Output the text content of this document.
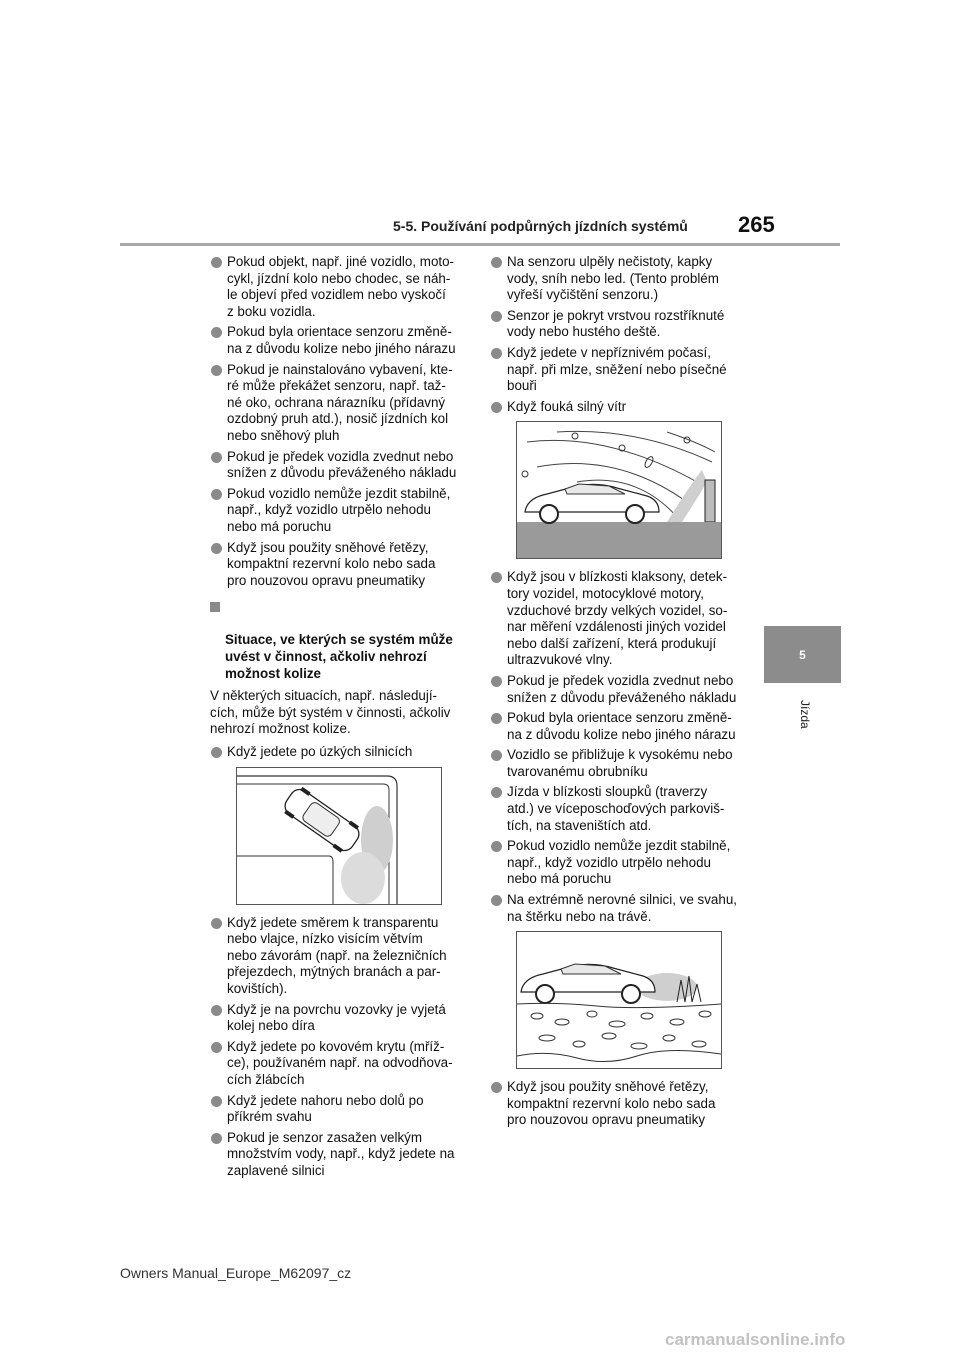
5-5. Používání podpůrných jízdních systémů 265
5
Jízda
Pokud objekt, např. jiné vozidlo, moto-
cykl, jízdní kolo nebo chodec, se náh-
le objeví před vozidlem nebo vyskočí
z boku vozidla.
Pokud byla orientace senzoru změně-
na z důvodu kolize nebo jiného nárazu
Pokud je nainstalováno vybavení, kte-
ré může překážet senzoru, např. taž-
né oko, ochrana nárazníku (přídavný
ozdobný pruh atd.), nosič jízdních kol
nebo sněhový pluh
Pokud je předek vozidla zvednut nebo
snížen z důvodu převáženého nákladu
Pokud vozidlo nemůže jezdit stabilně,
např., když vozidlo utrpělo nehodu
nebo má poruchu
Když jsou použity sněhové řetězy,
kompaktní rezervní kolo nebo sada
pro nouzovou opravu pneumatiky

Situace, ve kterých se systém může
uvést v činnost, ačkoliv nehrozí
možnost kolize

V některých situacích, např. následují-
cích, může být systém v činnosti, ačkoliv
nehrozí možnost kolize.
Když jedete po úzkých silnicích
Když jedete směrem k transparentu
nebo vlajce, nízko visícím větvím
nebo závorám (např. na železničních
přejezdech, mýtných branách a par-
kovištích).
Když je na povrchu vozovky je vyjetá
kolej nebo díra
Když jedete po kovovém krytu (mříž-
ce), používaném např. na odvodňova-
cích žlábcích
Když jedete nahoru nebo dolů po
příkrém svahu
Pokud je senzor zasažen velkým
množstvím vody, např., když jedete na
zaplavené silnici
Na senzoru ulpěly nečistoty, kapky
vody, sníh nebo led. (Tento problém
vyřeší vyčištění senzoru.)
Senzor je pokryt vrstvou rozstříknuté
vody nebo hustého deště.
Když jedete v nepříznivém počasí,
např. při mlze, sněžení nebo písečné
bouři
Když fouká silný vítr
Když jsou v blízkosti klaksony, detek-
tory vozidel, motocyklové motory,
vzduchové brzdy velkých vozidel, so-
nar měření vzdálenosti jiných vozidel
nebo další zařízení, která produkují
ultrazvukové vlny.
Pokud je předek vozidla zvednut nebo
snížen z důvodu převáženého nákladu
Pokud byla orientace senzoru změně-
na z důvodu kolize nebo jiného nárazu
Vozidlo se přibližuje k vysokému nebo
tvarovanému obrubníku
Jízda v blízkosti sloupků (traverzy
atd.) ve víceposchoďových parkoviš-
tích, na staveništích atd.
Pokud vozidlo nemůže jezdit stabilně,
např., když vozidlo utrpělo nehodu
nebo má poruchu
Na extrémně nerovné silnici, ve svahu,
na štěrku nebo na trávě.
Když jsou použity sněhové řetězy,
kompaktní rezervní kolo nebo sada
pro nouzovou opravu pneumatiky
Owners Manual_Europe_M62097_cz
carmanualsonline.info
